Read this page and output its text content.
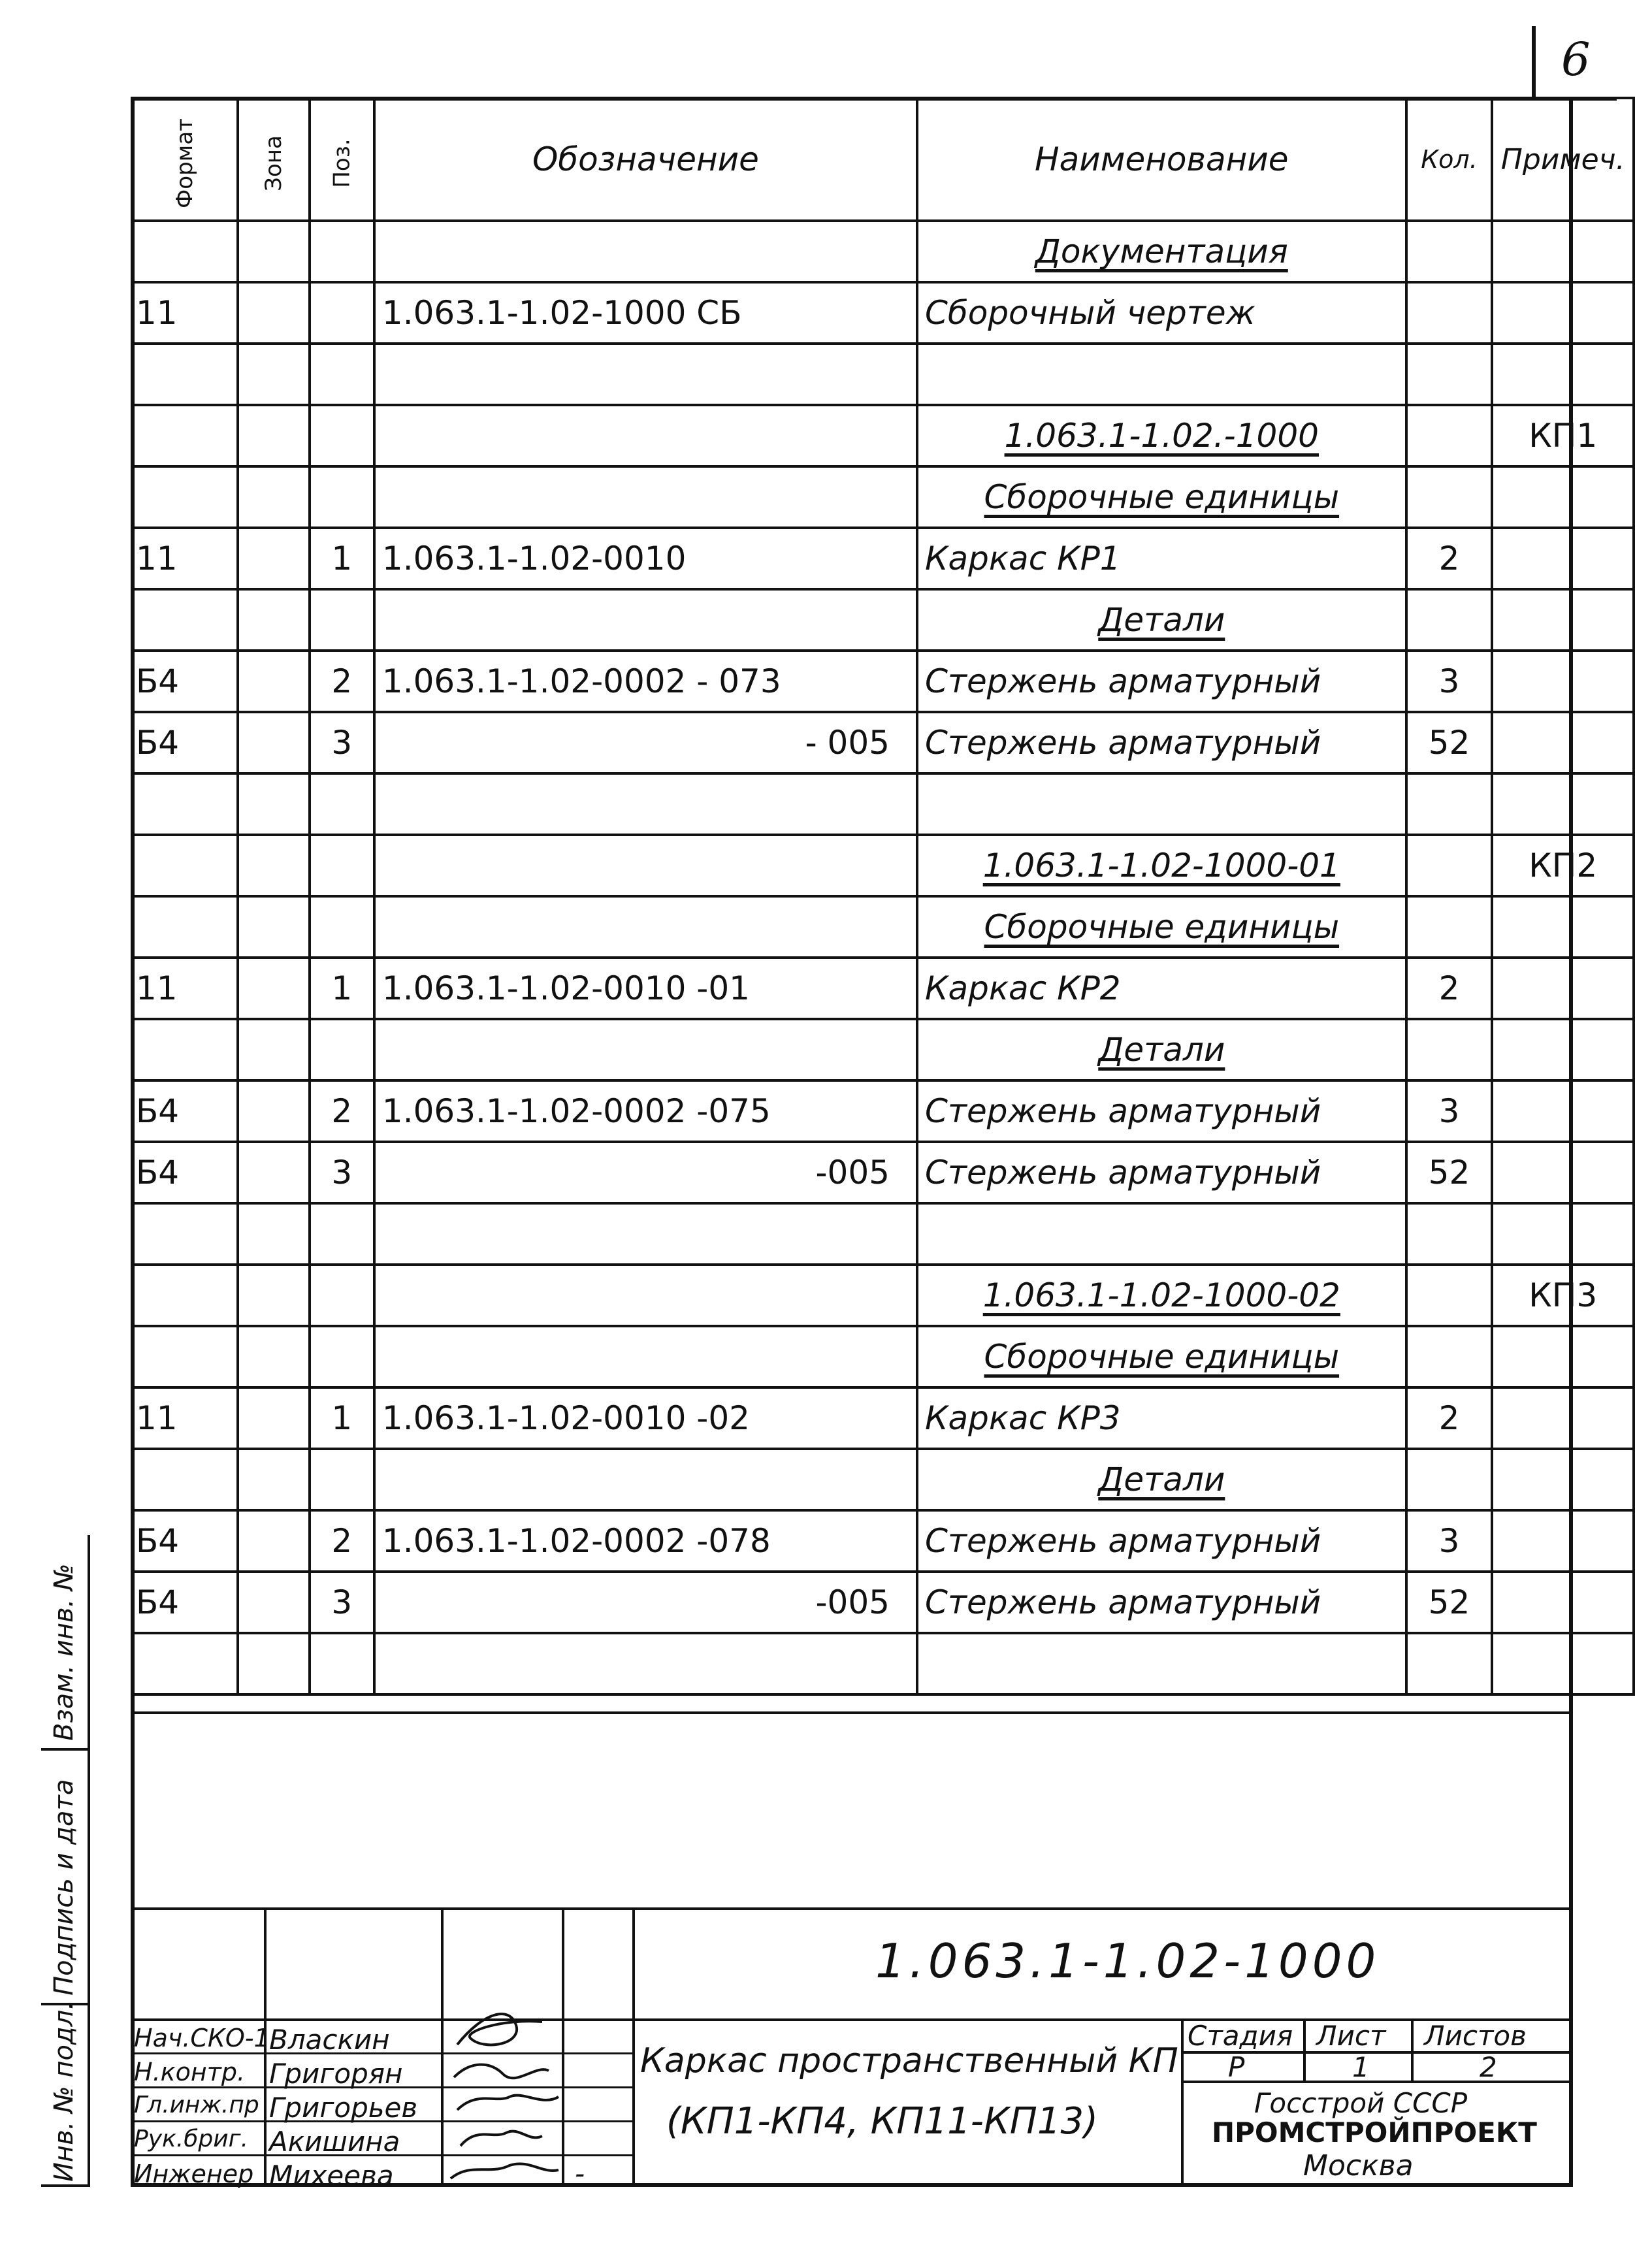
6
Взам. инв. №
Подпись и дата
Инв. № подл.
Формат	Зона	Поз.	Обозначение	Наименование	Кол.	Примеч.
				Документация		
11			1.063.1-1.02-1000 СБ	Сборочный чертеж		

				1.063.1-1.02.-1000		КП1
				Сборочные единицы		
11		1	1.063.1-1.02-0010	Каркас КР1	2	
				Детали		
Б4		2	1.063.1-1.02-0002 - 073	Стержень арматурный	3	
Б4		3	- 005	Стержень арматурный	52	

				1.063.1-1.02-1000-01		КП2
				Сборочные единицы		
11		1	1.063.1-1.02-0010 -01	Каркас КР2	2	
				Детали		
Б4		2	1.063.1-1.02-0002 -075	Стержень арматурный	3	
Б4		3	-005	Стержень арматурный	52	

				1.063.1-1.02-1000-02		КП3
				Сборочные единицы		
11		1	1.063.1-1.02-0010 -02	Каркас КР3	2	
				Детали		
Б4		2	1.063.1-1.02-0002 -078	Стержень арматурный	3	
Б4		3	-005	Стержень арматурный	52	

1.063.1-1.02-1000
Каркас пространственный КП
(КП1-КП4, КП11-КП13)
Стадия Лист Листов
Р	1	2
Госстрой СССР
ПРОМСТРОЙПРОЕКТ
Москва
Нач.СКО-1 Власкин
Н.контр. Григорян
Гл.инж.пр Григорьев
Рук.бриг. Акишина
Инженер Михеева	-
